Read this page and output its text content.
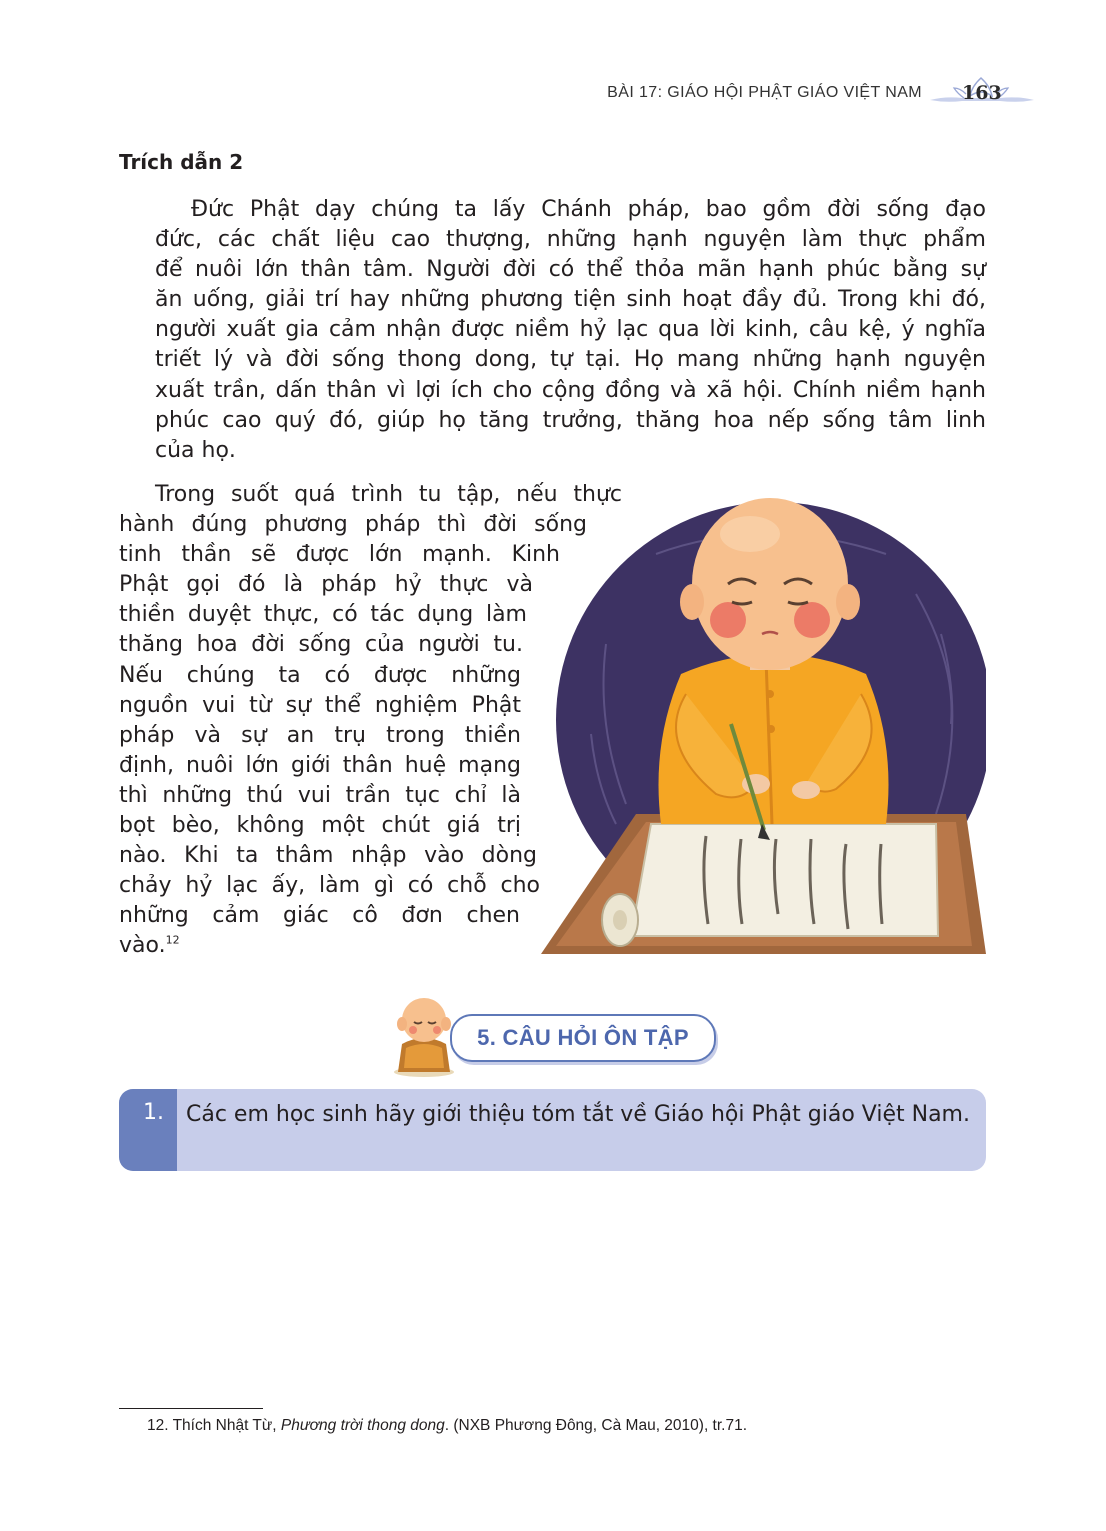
BÀI 17: GIÁO HỘI PHẬT GIÁO VIỆT NAM 163
Trích dẫn 2
Đức Phật dạy chúng ta lấy Chánh pháp, bao gồm đời sống đạo
đức, các chất liệu cao thượng, những hạnh nguyện làm thực phẩm
để nuôi lớn thân tâm. Người đời có thể thỏa mãn hạnh phúc bằng sự
ăn uống, giải trí hay những phương tiện sinh hoạt đầy đủ. Trong khi đó,
người xuất gia cảm nhận được niềm hỷ lạc qua lời kinh, câu kệ, ý nghĩa
triết lý và đời sống thong dong, tự tại. Họ mang những hạnh nguyện
xuất trần, dấn thân vì lợi ích cho cộng đồng và xã hội. Chính niềm hạnh
phúc cao quý đó, giúp họ tăng trưởng, thăng hoa nếp sống tâm linh
của họ.
Trong suốt quá trình tu tập, nếu thực
hành đúng phương pháp thì đời sống
tinh thần sẽ được lớn mạnh. Kinh
Phật gọi đó là pháp hỷ thực và
thiền duyệt thực, có tác dụng làm
thăng hoa đời sống của người tu.
Nếu chúng ta có được những
nguồn vui từ sự thể nghiệm Phật
pháp và sự an trụ trong thiền
định, nuôi lớn giới thân huệ mạng
thì những thú vui trần tục chỉ là
bọt bèo, không một chút giá trị
nào. Khi ta thâm nhập vào dòng
chảy hỷ lạc ấy, làm gì có chỗ cho
những cảm giác cô đơn chen
vào.$^{12}$
5. CÂU HỎI ÔN TẬP
1. Các em học sinh hãy giới thiệu tóm tắt về Giáo hội Phật giáo Việt Nam.
12. Thích Nhật Từ, Phương trời thong dong. (NXB Phương Đông, Cà Mau, 2010), tr.71.
